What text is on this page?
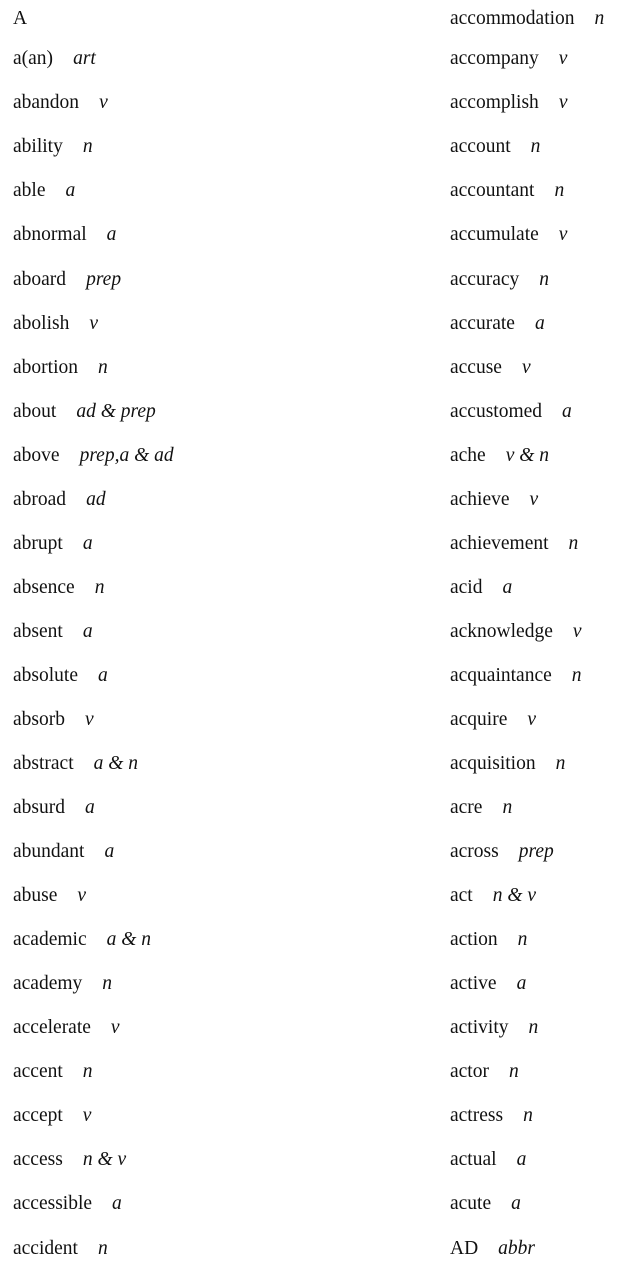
A
a(an) art
abandon v
ability n
able a
abnormal a
aboard prep
abolish v
abortion n
about ad & prep
above prep,a & ad
abroad ad
abrupt a
absence n
absent a
absolute a
absorb v
abstract a & n
absurd a
abundant a
abuse v
academic a & n
academy n
accelerate v
accent n
accept v
access n & v
accessible a
accident n
accommodation n
accompany v
accomplish v
account n
accountant n
accumulate v
accuracy n
accurate a
accuse v
accustomed a
ache v & n
achieve v
achievement n
acid a
acknowledge v
acquaintance n
acquire v
acquisition n
acre n
across prep
act n & v
action n
active a
activity n
actor n
actress n
actual a
acute a
AD abbr
